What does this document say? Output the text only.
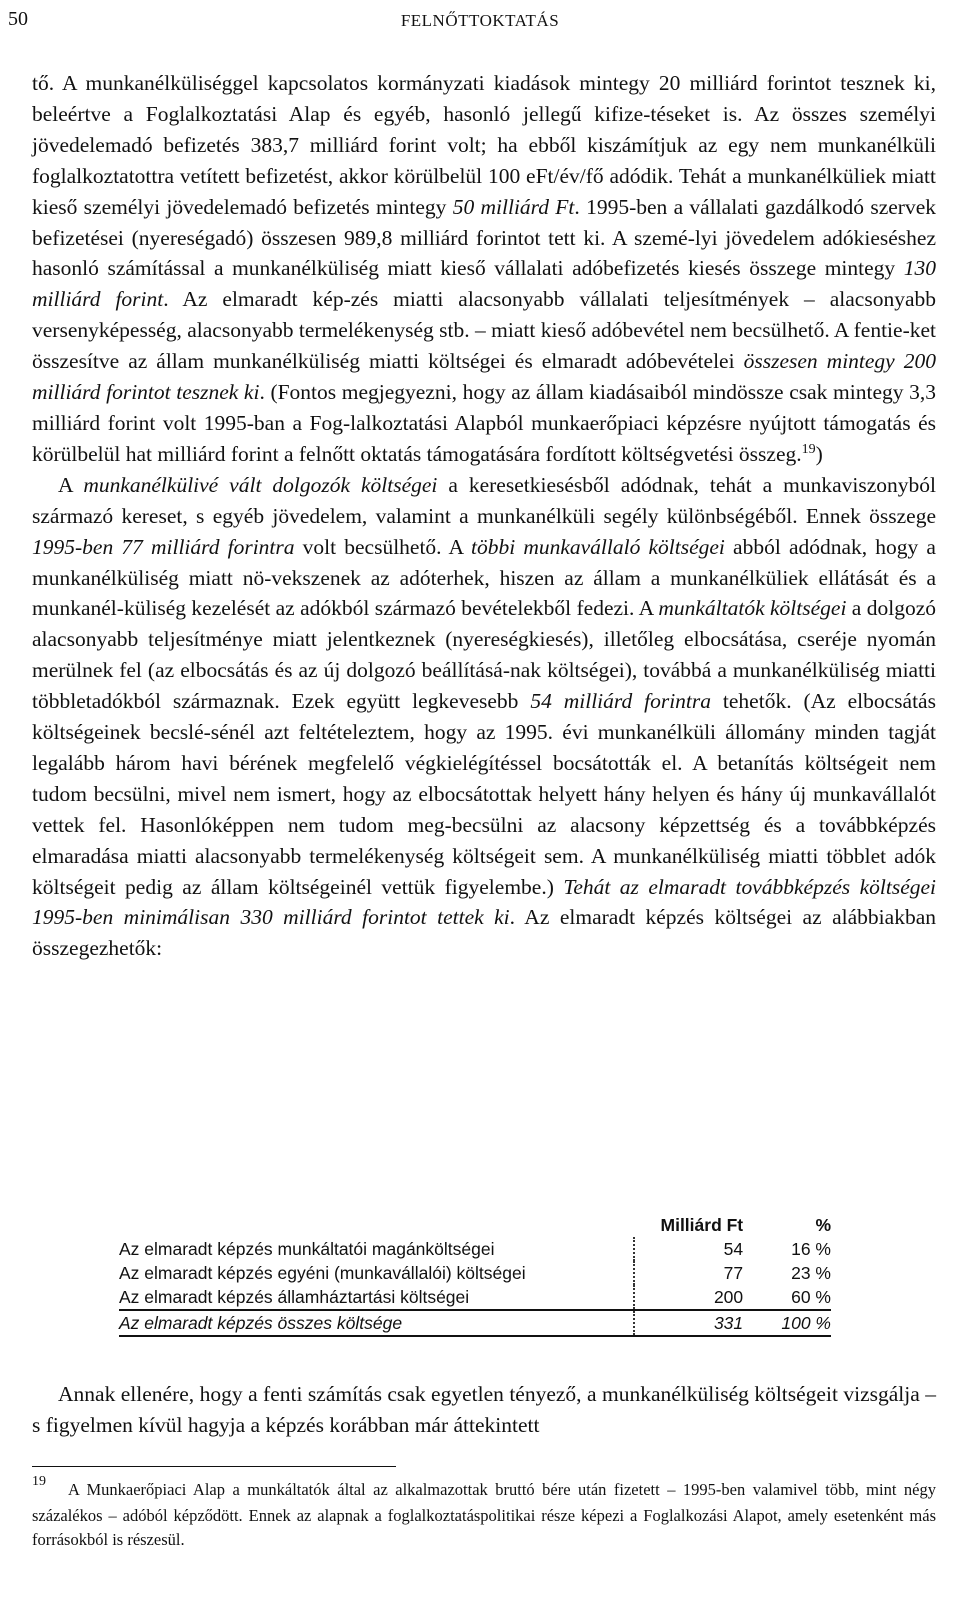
50	FELNŐTTOKTATÁS

tő. A munkanélküliséggel kapcsolatos kormányzati kiadások mintegy 20 milliárd forintot tesznek ki, beleértve a Foglalkoztatási Alap és egyéb, hasonló jellegű kifize-téseket is. Az összes személyi jövedelemadó befizetés 383,7 milliárd forint volt; ha ebből kiszámítjuk az egy nem munkanélküli foglalkoztatottra vetített befizetést, akkor körülbelül 100 eFt/év/fő adódik. Tehát a munkanélküliek miatt kieső személyi jövedelemadó befizetés mintegy 50 milliárd Ft. 1995-ben a vállalati gazdálkodó szervek befizetései (nyereségadó) összesen 989,8 milliárd forintot tett ki. A szemé-lyi jövedelem adókieséshez hasonló számítással a munkanélküliség miatt kieső vállalati adóbefizetés kiesés összege mintegy 130 milliárd forint. Az elmaradt kép-zés miatti alacsonyabb vállalati teljesítmények – alacsonyabb versenyképesség, alacsonyabb termelékenység stb. – miatt kieső adóbevétel nem becsülhető. A fentie-ket összesítve az állam munkanélküliség miatti költségei és elmaradt adóbevételei összesen mintegy 200 milliárd forintot tesznek ki. (Fontos megjegyezni, hogy az állam kiadásaiból mindössze csak mintegy 3,3 milliárd forint volt 1995-ban a Fog-lalkoztatási Alapból munkaerőpiaci képzésre nyújtott támogatás és körülbelül hat milliárd forint a felnőtt oktatás támogatására fordított költségvetési összeg.$^{19}$)

A munkanélkülivé vált dolgozók költségei a keresetkiesésből adódnak, tehát a munkaviszonyból származó kereset, s egyéb jövedelem, valamint a munkanélküli segély különbségéből. Ennek összege 1995-ben 77 milliárd forintra volt becsülhető. A többi munkavállaló költségei abból adódnak, hogy a munkanélküliség miatt nö-vekszenek az adóterhek, hiszen az állam a munkanélküliek ellátását és a munkanél-küliség kezelését az adókból származó bevételekből fedezi. A munkáltatók költségei a dolgozó alacsonyabb teljesítménye miatt jelentkeznek (nyereségkiesés), illetőleg elbocsátása, cseréje nyomán merülnek fel (az elbocsátás és az új dolgozó beállításá-nak költségei), továbbá a munkanélküliség miatti többletadókból származnak. Ezek együtt legkevesebb 54 milliárd forintra tehetők. (Az elbocsátás költségeinek becslé-sénél azt feltételeztem, hogy az 1995. évi munkanélküli állomány minden tagját legalább három havi bérének megfelelő végkielégítéssel bocsátották el. A betanítás költségeit nem tudom becsülni, mivel nem ismert, hogy az elbocsátottak helyett hány helyen és hány új munkavállalót vettek fel. Hasonlóképpen nem tudom meg-becsülni az alacsony képzettség és a továbbképzés elmaradása miatti alacsonyabb termelékenység költségeit sem. A munkanélküliség miatti többlet adók költségeit pedig az állam költségeinél vettük figyelembe.) Tehát az elmaradt továbbképzés költségei 1995-ben minimálisan 330 milliárd forintot tettek ki. Az elmaradt képzés költségei az alábbiakban összegezhetők:

	Milliárd Ft	%
Az elmaradt képzés munkáltatói magánköltségei	54	16 %
Az elmaradt képzés egyéni (munkavállalói) költségei	77	23 %
Az elmaradt képzés államháztartási költségei	200	60 %
Az elmaradt képzés összes költsége	331	100 %

Annak ellenére, hogy a fenti számítás csak egyetlen tényező, a munkanélküliség költségeit vizsgálja – s figyelmen kívül hagyja a képzés korábban már áttekintett

$^{19}$ A Munkaerőpiaci Alap a munkáltatók által az alkalmazottak bruttó bére után fizetett – 1995-ben valamivel több, mint négy százalékos – adóból képződött. Ennek az alapnak a foglalkoztatáspolitikai része képezi a Foglalkozási Alapot, amely esetenként más forrásokból is részesül.
